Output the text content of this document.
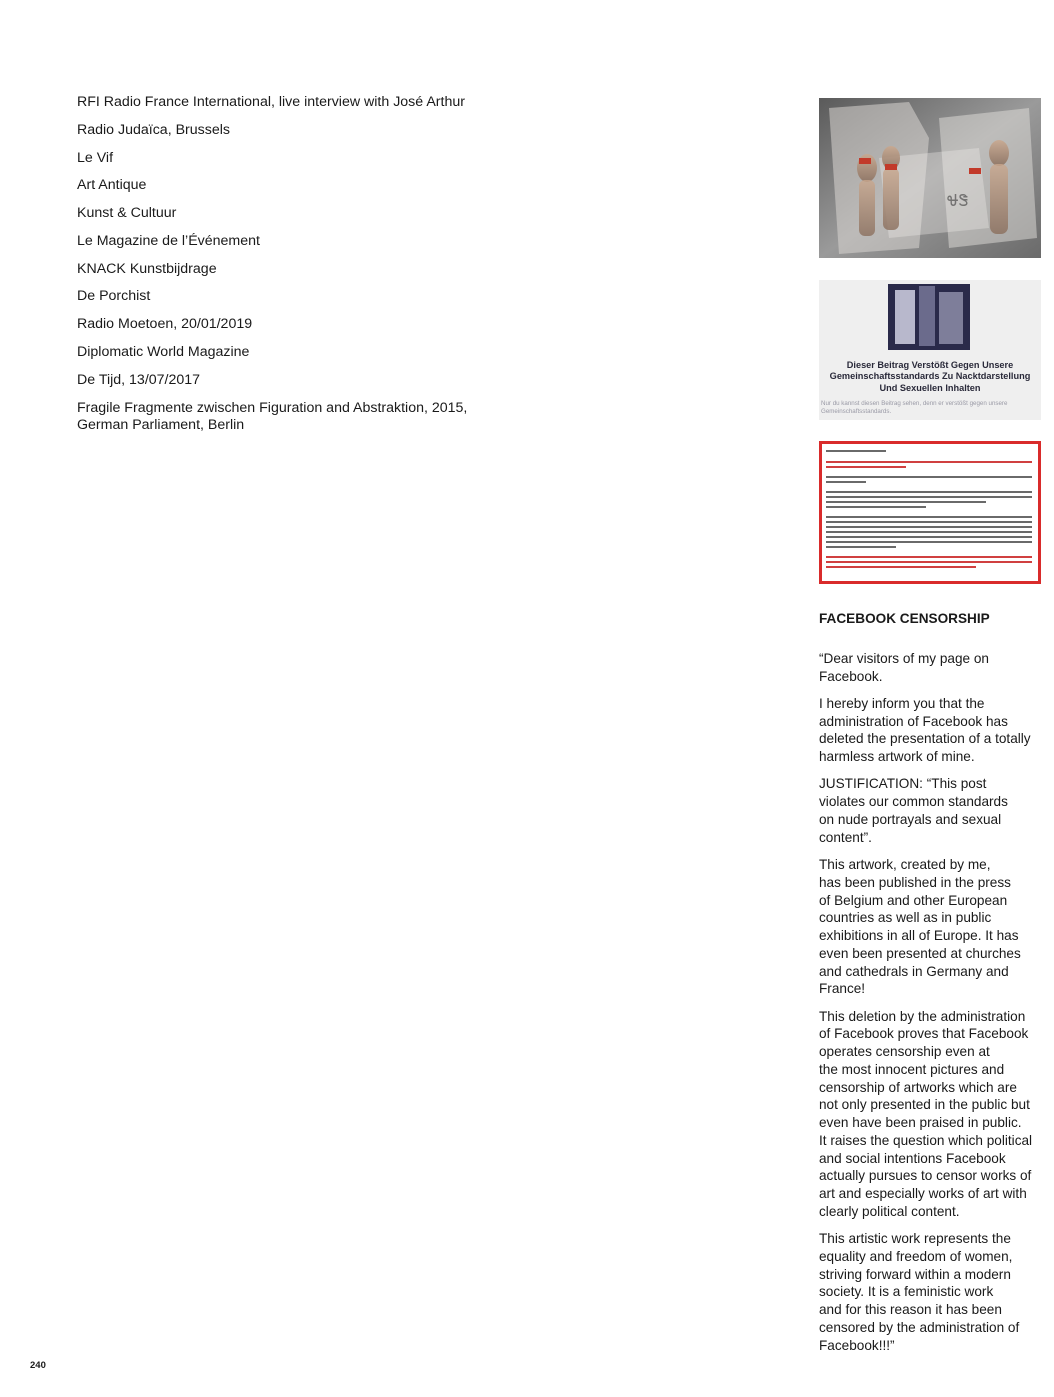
RFI Radio France International, live interview with José Arthur
Radio Judaïca, Brussels
Le Vif
Art Antique
Kunst & Cultuur
Le Magazine de l’Événement
KNACK Kunstbijdrage
De Porchist
Radio Moetoen, 20/01/2019
Diplomatic World Magazine
De Tijd, 13/07/2017
Fragile Fragmente zwischen Figuration and Abstraktion, 2015,
German Parliament, Berlin
ᏠᏕ
Dieser Beitrag Verstößt Gegen Unsere
Gemeinschaftsstandards Zu Nacktdarstellung
Und Sexuellen Inhalten
Nur du kannst diesen Beitrag sehen, denn er verstößt gegen unsere
Gemeinschaftsstandards.
FACEBOOK CENSORSHIP

“Dear visitors of my page on
Facebook.

I hereby inform you that the
administration of Facebook has
deleted the presentation of a totally
harmless artwork of mine.

JUSTIFICATION: “This post
violates our common standards
on nude portrayals and sexual
content”.

This artwork, created by me,
has been published in the press
of Belgium and other European
countries as well as in public
exhibitions in all of Europe. It has
even been presented at churches
and cathedrals in Germany and
France!

This deletion by the administration
of Facebook proves that Facebook
operates censorship even at
the most innocent pictures and
censorship of artworks which are
not only presented in the public but
even have been praised in public.
It raises the question which political
and social intentions Facebook
actually pursues to censor works of
art and especially works of art with
clearly political content.

This artistic work represents the
equality and freedom of women,
striving forward within a modern
society. It is a feministic work
and for this reason it has been
censored by the administration of
Facebook!!!”

240
